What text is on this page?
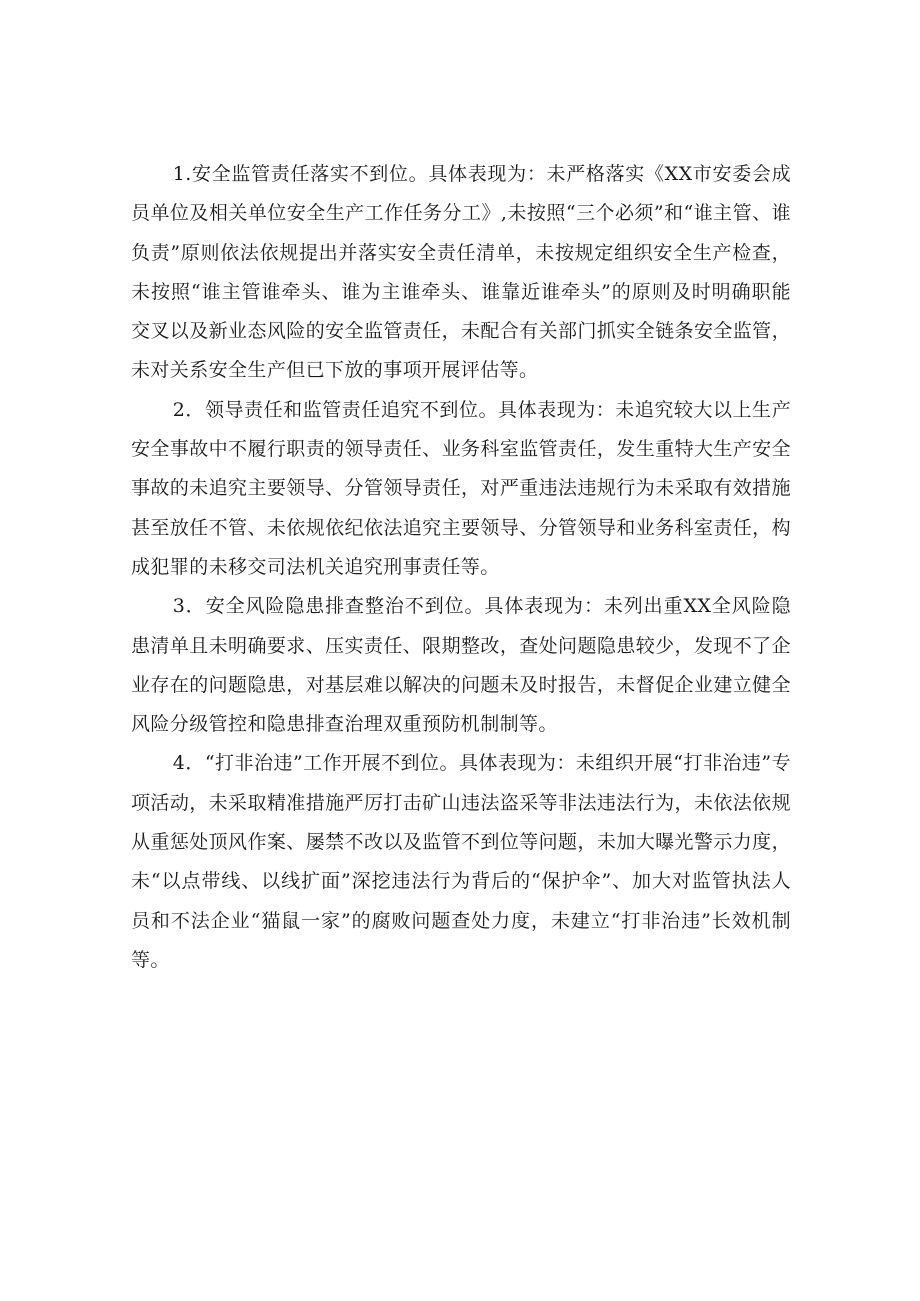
1.安全监管责任落实不到位。具体表现为：未严格落实《XX市安委会成员单位及相关单位安全生产工作任务分工》,未按照“三个必须”和“谁主管、谁负责”原则依法依规提出并落实安全责任清单，未按规定组织安全生产检查，未按照“谁主管谁牵头、谁为主谁牵头、谁靠近谁牵头”的原则及时明确职能交叉以及新业态风险的安全监管责任，未配合有关部门抓实全链条安全监管，未对关系安全生产但已下放的事项开展评估等。

2．领导责任和监管责任追究不到位。具体表现为：未追究较大以上生产安全事故中不履行职责的领导责任、业务科室监管责任，发生重特大生产安全事故的未追究主要领导、分管领导责任，对严重违法违规行为未采取有效措施甚至放任不管、未依规依纪依法追究主要领导、分管领导和业务科室责任，构成犯罪的未移交司法机关追究刑事责任等。

3．安全风险隐患排查整治不到位。具体表现为：未列出重XX全风险隐患清单且未明确要求、压实责任、限期整改，查处问题隐患较少，发现不了企业存在的问题隐患，对基层难以解决的问题未及时报告，未督促企业建立健全风险分级管控和隐患排查治理双重预防机制制等。

4．“打非治违”工作开展不到位。具体表现为：未组织开展“打非治违”专项活动，未采取精准措施严厉打击矿山违法盗采等非法违法行为，未依法依规从重惩处顶风作案、屡禁不改以及监管不到位等问题，未加大曝光警示力度，未“以点带线、以线扩面”深挖违法行为背后的“保护伞”、加大对监管执法人员和不法企业“猫鼠一家”的腐败问题查处力度，未建立“打非治违”长效机制等。
